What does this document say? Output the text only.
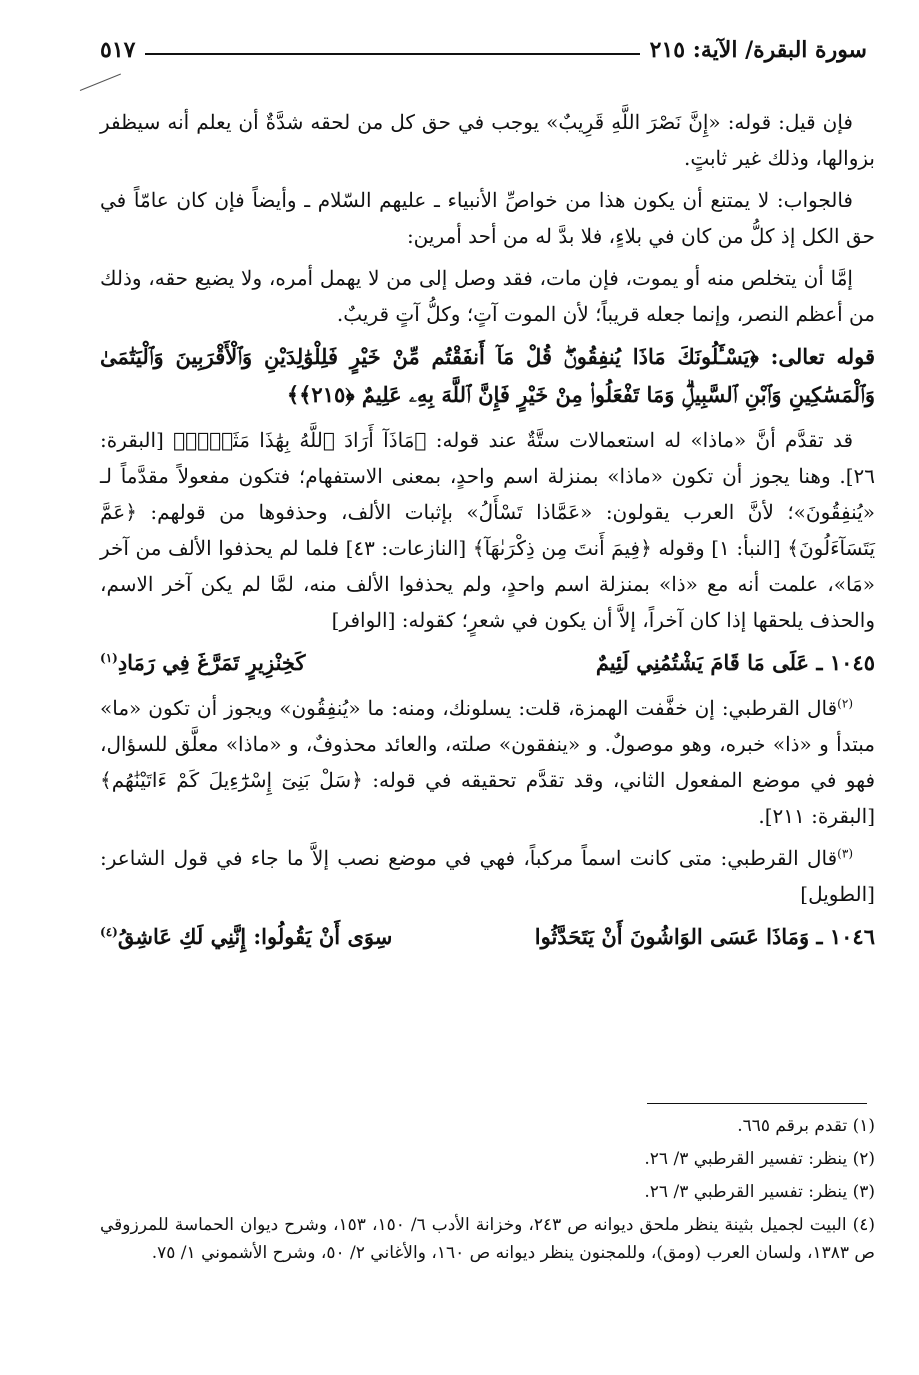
سورة البقرة/ الآية: ٢١٥
٥١٧

فإن قيل: قوله: «إِنَّ نَصْرَ اللَّهِ قَرِيبٌ» يوجب في حق كل من لحقه شدَّةٌ أن يعلم أنه سيظفر بزوالها، وذلك غير ثابتٍ.

فالجواب: لا يمتنع أن يكون هذا من خواصِّ الأنبياء ـ عليهم السّلام ـ وأيضاً فإن كان عامّاً في حق الكل إذ كلُّ من كان في بلاءٍ، فلا بدَّ له من أحد أمرين:

إمَّا أن يتخلص منه أو يموت، فإن مات، فقد وصل إلى من لا يهمل أمره، ولا يضيع حقه، وذلك من أعظم النصر، وإنما جعله قريباً؛ لأن الموت آتٍ؛ وكلُّ آتٍ قريبٌ.

قوله تعالى: ﴿يَسْـَٔلُونَكَ مَاذَا يُنفِقُونَۖ قُلْ مَآ أَنفَقْتُم مِّنْ خَيْرٍ فَلِلْوَٰلِدَيْنِ وَٱلْأَقْرَبِينَ وَٱلْيَتَٰمَىٰ وَٱلْمَسَٰكِينِ وَٱبْنِ ٱلسَّبِيلِۗ وَمَا تَفْعَلُوا۟ مِنْ خَيْرٍ فَإِنَّ ٱللَّهَ بِهِۦ عَلِيمٌ ﴿٢١٥﴾﴾

قد تقدَّم أنَّ «ماذا» له استعمالات ستَّةٌ عند قوله: ﴿مَاذَآ أَرَادَ ٱللَّهُ بِهَٰذَا مَثَلًاۘ﴾ [البقرة: ٢٦]. وهنا يجوز أن تكون «ماذا» بمنزلة اسم واحدٍ، بمعنى الاستفهام؛ فتكون مفعولاً مقدَّماً لـ «يُنفِقُونَ»؛ لأنَّ العرب يقولون: «عَمَّاذا تَسْأَلُ» بإثبات الألف، وحذفوها من قولهم: ﴿عَمَّ يَتَسَآءَلُونَ﴾ [النبأ: ١] وقوله ﴿فِيمَ أَنتَ مِن ذِكْرَىٰهَآ﴾ [النازعات: ٤٣] فلما لم يحذفوا الألف من آخر «مَا»، علمت أنه مع «ذا» بمنزلة اسم واحدٍ، ولم يحذفوا الألف منه، لمَّا لم يكن آخر الاسم، والحذف يلحقها إذا كان آخراً، إلاَّ أن يكون في شعرٍ؛ كقوله: [الوافر]

١٠٤٥ ـ عَلَى مَا قَامَ يَشْتُمُنِي لَئِيمٌ
كَخِنْزِيرٍ تَمَرَّغَ فِي رَمَادِ$^{(١)}$

$^{(٢)}$قال القرطبي: إن خفَّفت الهمزة، قلت: يسلونك، ومنه: ما «يُنفِقُون» ويجوز أن تكون «ما» مبتدأ و «ذا» خبره، وهو موصولٌ. و «ينفقون» صلته، والعائد محذوفٌ، و «ماذا» معلَّق للسؤال، فهو في موضع المفعول الثاني، وقد تقدَّم تحقيقه في قوله: ﴿سَلْ بَنِىٓ إِسْرَٰٓءِيلَ كَمْ ءَاتَيْنَٰهُم﴾ [البقرة: ٢١١].

$^{(٣)}$قال القرطبي: متى كانت اسماً مركباً، فهي في موضع نصب إلاَّ ما جاء في قول الشاعر: [الطويل]

١٠٤٦ ـ وَمَاذَا عَسَى الوَاشُونَ أَنْ يَتَحَدَّثُوا
سِوَى أَنْ يَقُولُوا: إِنَّنِي لَكِ عَاشِقُ$^{(٤)}$

(١) تقدم برقم ٦٦٥.

(٢) ينظر: تفسير القرطبي ٣/ ٢٦.

(٣) ينظر: تفسير القرطبي ٣/ ٢٦.

(٤) البيت لجميل بثينة ينظر ملحق ديوانه ص ٢٤٣، وخزانة الأدب ٦/ ١٥٠، ١٥٣، وشرح ديوان الحماسة للمرزوقي ص ١٣٨٣، ولسان العرب (ومق)، وللمجنون ينظر ديوانه ص ١٦٠، والأغاني ٢/ ٥٠، وشرح الأشموني ١/ ٧٥.
